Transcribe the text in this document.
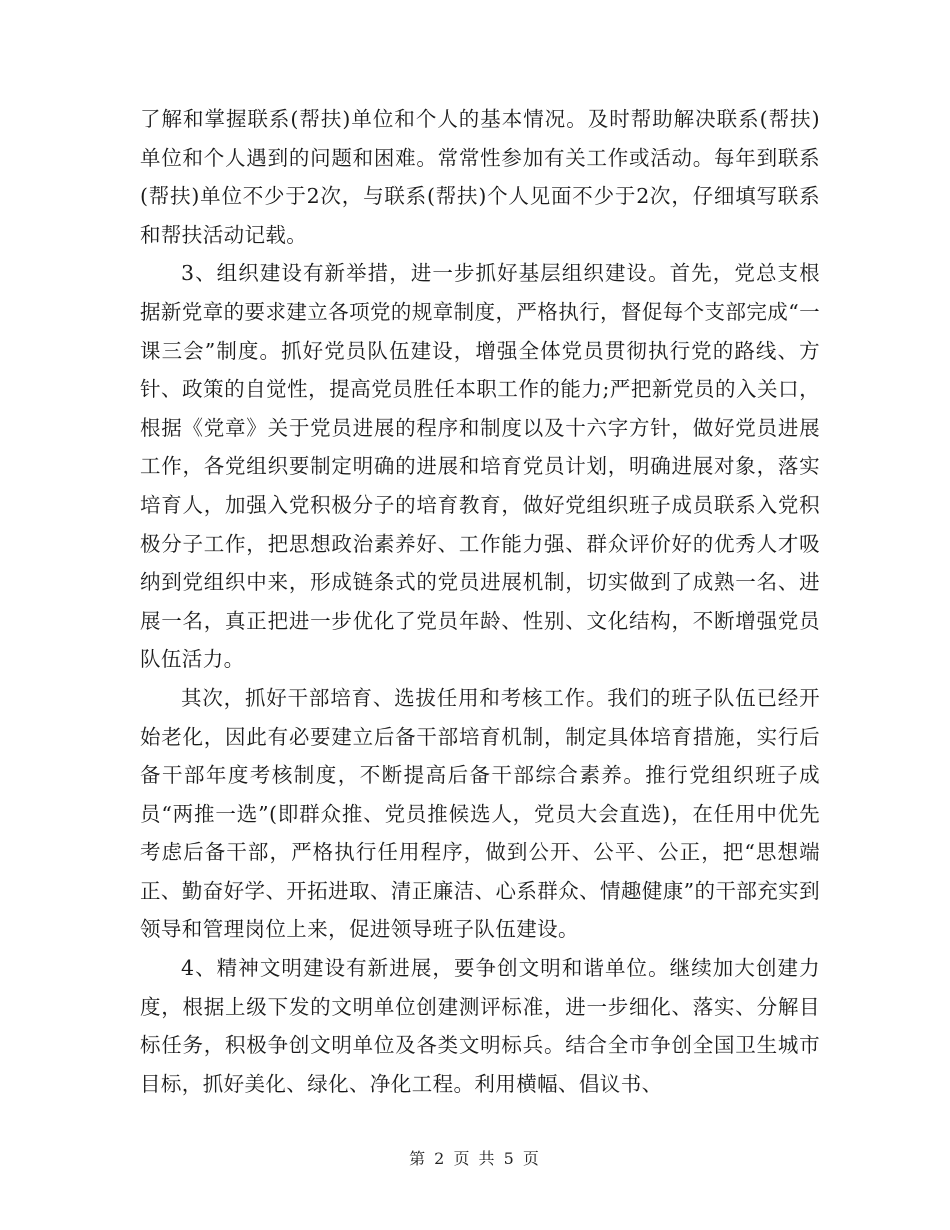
了解和掌握联系(帮扶)单位和个人的基本情况。及时帮助解决联系(帮扶)单位和个人遇到的问题和困难。常常性参加有关工作或活动。每年到联系(帮扶)单位不少于2次，与联系(帮扶)个人见面不少于2次，仔细填写联系和帮扶活动记载。

3、组织建设有新举措，进一步抓好基层组织建设。首先，党总支根据新党章的要求建立各项党的规章制度，严格执行，督促每个支部完成“一课三会”制度。抓好党员队伍建设，增强全体党员贯彻执行党的路线、方针、政策的自觉性，提高党员胜任本职工作的能力;严把新党员的入关口，根据《党章》关于党员进展的程序和制度以及十六字方针，做好党员进展工作，各党组织要制定明确的进展和培育党员计划，明确进展对象，落实培育人，加强入党积极分子的培育教育，做好党组织班子成员联系入党积极分子工作，把思想政治素养好、工作能力强、群众评价好的优秀人才吸纳到党组织中来，形成链条式的党员进展机制，切实做到了成熟一名、进展一名，真正把进一步优化了党员年龄、性别、文化结构，不断增强党员队伍活力。

其次，抓好干部培育、选拔任用和考核工作。我们的班子队伍已经开始老化，因此有必要建立后备干部培育机制，制定具体培育措施，实行后备干部年度考核制度，不断提高后备干部综合素养。推行党组织班子成员“两推一选”(即群众推、党员推候选人，党员大会直选)，在任用中优先考虑后备干部，严格执行任用程序，做到公开、公平、公正，把“思想端正、勤奋好学、开拓进取、清正廉洁、心系群众、情趣健康”的干部充实到领导和管理岗位上来，促进领导班子队伍建设。

4、精神文明建设有新进展，要争创文明和谐单位。继续加大创建力度，根据上级下发的文明单位创建测评标准，进一步细化、落实、分解目标任务，积极争创文明单位及各类文明标兵。结合全市争创全国卫生城市目标，抓好美化、绿化、净化工程。利用横幅、倡议书、

第 2 页 共 5 页
